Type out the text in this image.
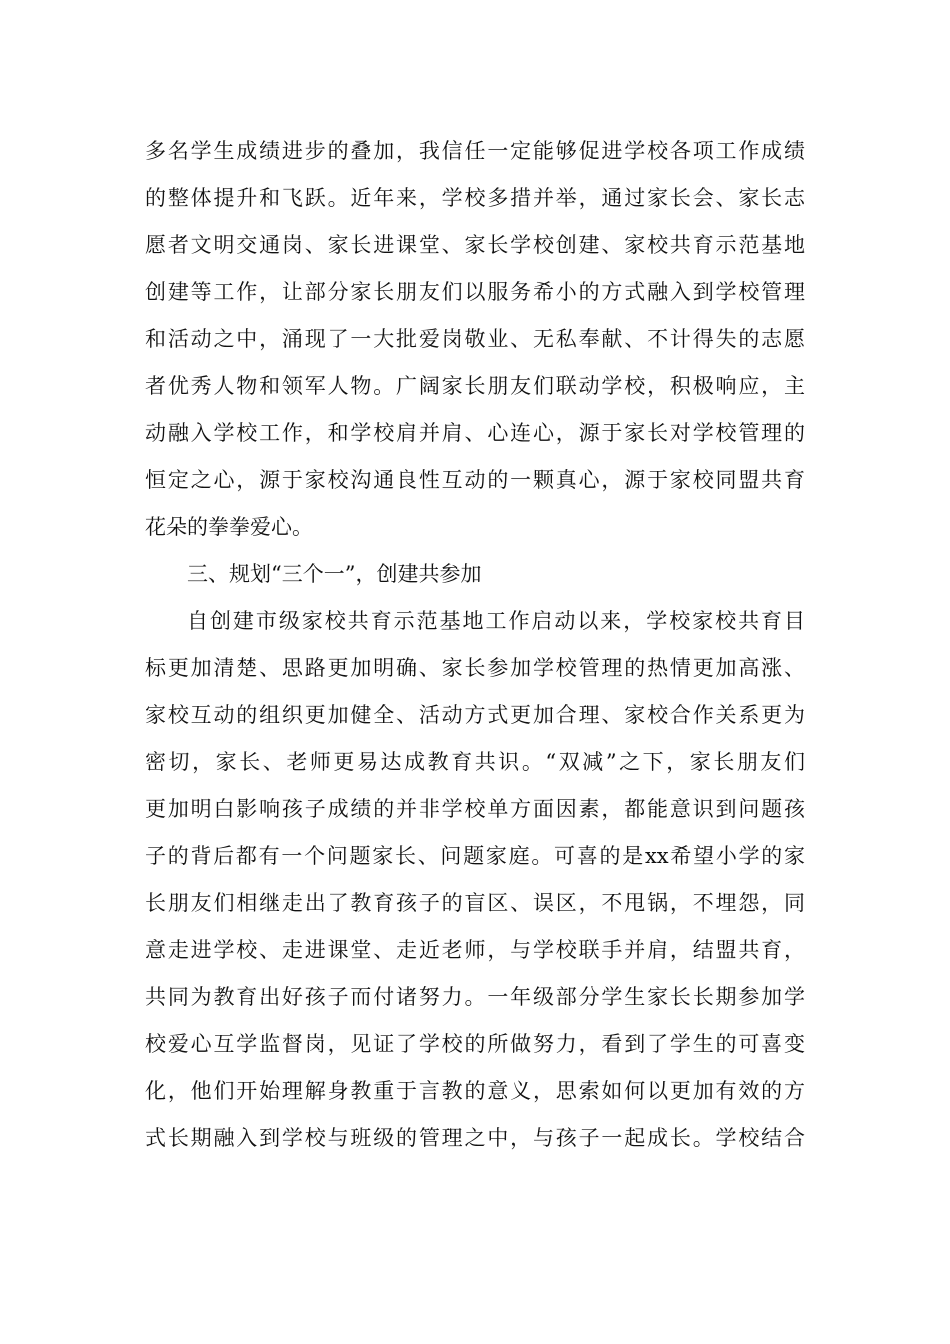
多名学生成绩进步的叠加，我信任一定能够促进学校各项工作成绩
的整体提升和飞跃。近年来，学校多措并举，通过家长会、家长志
愿者文明交通岗、家长进课堂、家长学校创建、家校共育示范基地
创建等工作，让部分家长朋友们以服务希小的方式融入到学校管理
和活动之中，涌现了一大批爱岗敬业、无私奉献、不计得失的志愿
者优秀人物和领军人物。广阔家长朋友们联动学校，积极响应，主
动融入学校工作，和学校肩并肩、心连心，源于家长对学校管理的
恒定之心，源于家校沟通良性互动的一颗真心，源于家校同盟共育
花朵的拳拳爱心。
三、规划“三个一”，创建共参加
自创建市级家校共育示范基地工作启动以来，学校家校共育目
标更加清楚、思路更加明确、家长参加学校管理的热情更加高涨、
家校互动的组织更加健全、活动方式更加合理、家校合作关系更为
密切，家长、老师更易达成教育共识。“双减”之下，家长朋友们
更加明白影响孩子成绩的并非学校单方面因素，都能意识到问题孩
子的背后都有一个问题家长、问题家庭。可喜的是xx希望小学的家
长朋友们相继走出了教育孩子的盲区、误区，不甩锅，不埋怨，同
意走进学校、走进课堂、走近老师，与学校联手并肩，结盟共育，
共同为教育出好孩子而付诸努力。一年级部分学生家长长期参加学
校爱心互学监督岗，见证了学校的所做努力，看到了学生的可喜变
化，他们开始理解身教重于言教的意义，思索如何以更加有效的方
式长期融入到学校与班级的管理之中，与孩子一起成长。学校结合
